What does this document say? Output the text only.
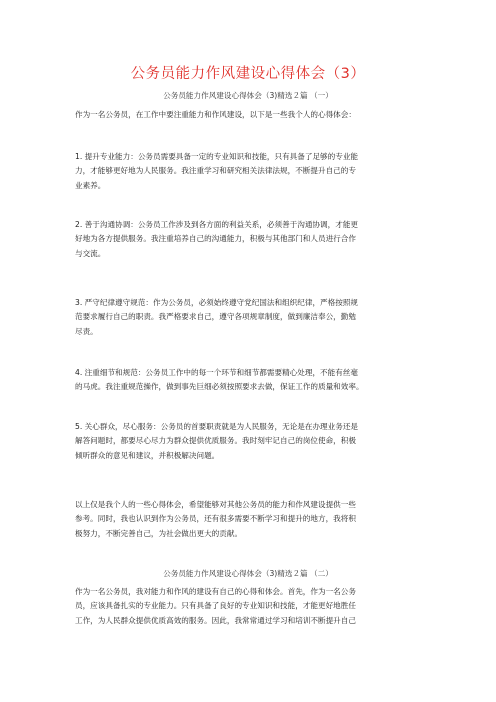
公务员能力作风建设心得体会（3）
公务员能力作风建设心得体会（3)精选２篇 （一）

作为一名公务员，在工作中要注重能力和作风建设，以下是一些我个人的心得体会：

1. 提升专业能力：公务员需要具备一定的专业知识和技能，只有具备了足够的专业能
力，才能够更好地为人民服务。我注重学习和研究相关法律法规，不断提升自己的专
业素养。

2. 善于沟通协调：公务员工作涉及到各方面的利益关系，必须善于沟通协调，才能更
好地为各方提供服务。我注重培养自己的沟通能力，积极与其他部门和人员进行合作
与交流。

3. 严守纪律遵守规范：作为公务员，必须始终遵守党纪国法和组织纪律，严格按照规
范要求履行自己的职责。我严格要求自己，遵守各项规章制度，做到廉洁奉公，勤勉
尽责。

4. 注重细节和规范：公务员工作中的每一个环节和细节都需要精心处理，不能有丝毫
的马虎。我注重规范操作，做到事先巨细必须按照要求去做，保证工作的质量和效率。

5. 关心群众，尽心服务：公务员的首要职责就是为人民服务，无论是在办理业务还是
解答问题时，都要尽心尽力为群众提供优质服务。我时刻牢记自己的岗位使命，积极
倾听群众的意见和建议，并积极解决问题。

以上仅是我个人的一些心得体会，希望能够对其他公务员的能力和作风建设提供一些
参考。同时，我也认识到作为公务员，还有很多需要不断学习和提升的地方，我将积
极努力，不断完善自己，为社会做出更大的贡献。

公务员能力作风建设心得体会（3)精选２篇 （二）

作为一名公务员，我对能力和作风的建设有自己的心得和体会。首先，作为一名公务
员，应该具备扎实的专业能力。只有具备了良好的专业知识和技能，才能更好地胜任
工作，为人民群众提供优质高效的服务。因此，我常常通过学习和培训不断提升自己
